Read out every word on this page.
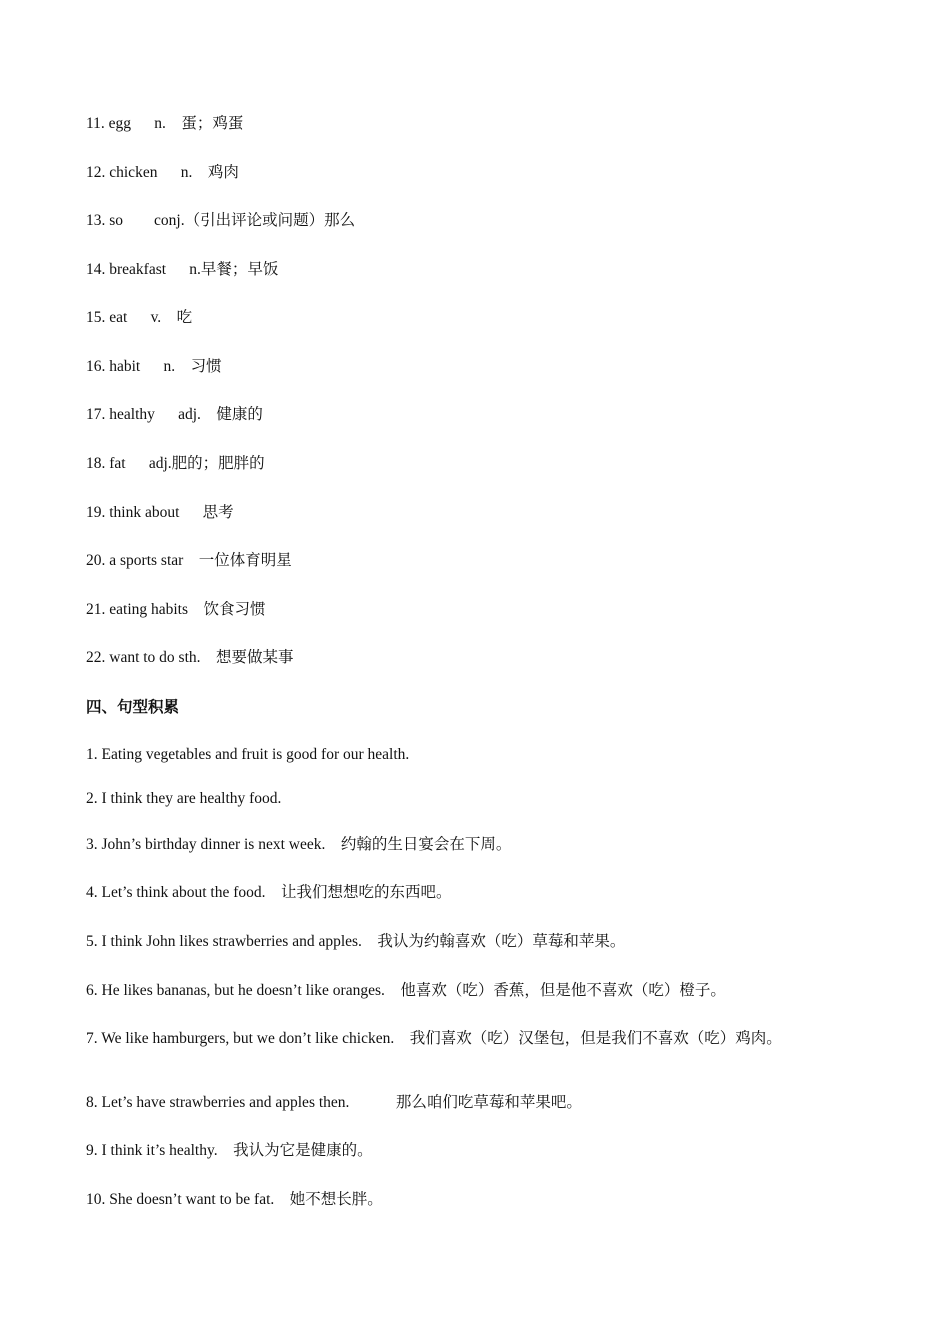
11. egg      n.    蛋；鸡蛋
12. chicken      n.    鸡肉
13. so        conj.（引出评论或问题）那么
14. breakfast      n.早餐；早饭
15. eat      v.    吃
16. habit      n.    习惯
17. healthy      adj.    健康的
18. fat      adj.肥的；肥胖的
19. think about      思考
20. a sports star    一位体育明星
21. eating habits    饮食习惯
22. want to do sth.    想要做某事
四、句型积累
1. Eating vegetables and fruit is good for our health.
2. I think they are healthy food.
3. John’s birthday dinner is next week.    约翰的生日宴会在下周。
4. Let’s think about the food.    让我们想想吃的东西吧。
5. I think John likes strawberries and apples.    我认为约翰喜欢（吃）草莓和苹果。
6. He likes bananas, but he doesn’t like oranges.    他喜欢（吃）香蕉，但是他不喜欢（吃）橙子。
7. We like hamburgers, but we don’t like chicken.    我们喜欢（吃）汉堡包，但是我们不喜欢（吃）鸡肉。
8. Let’s have strawberries and apples then.            那么咱们吃草莓和苹果吧。
9. I think it’s healthy.    我认为它是健康的。
10. She doesn’t want to be fat.    她不想长胖。
